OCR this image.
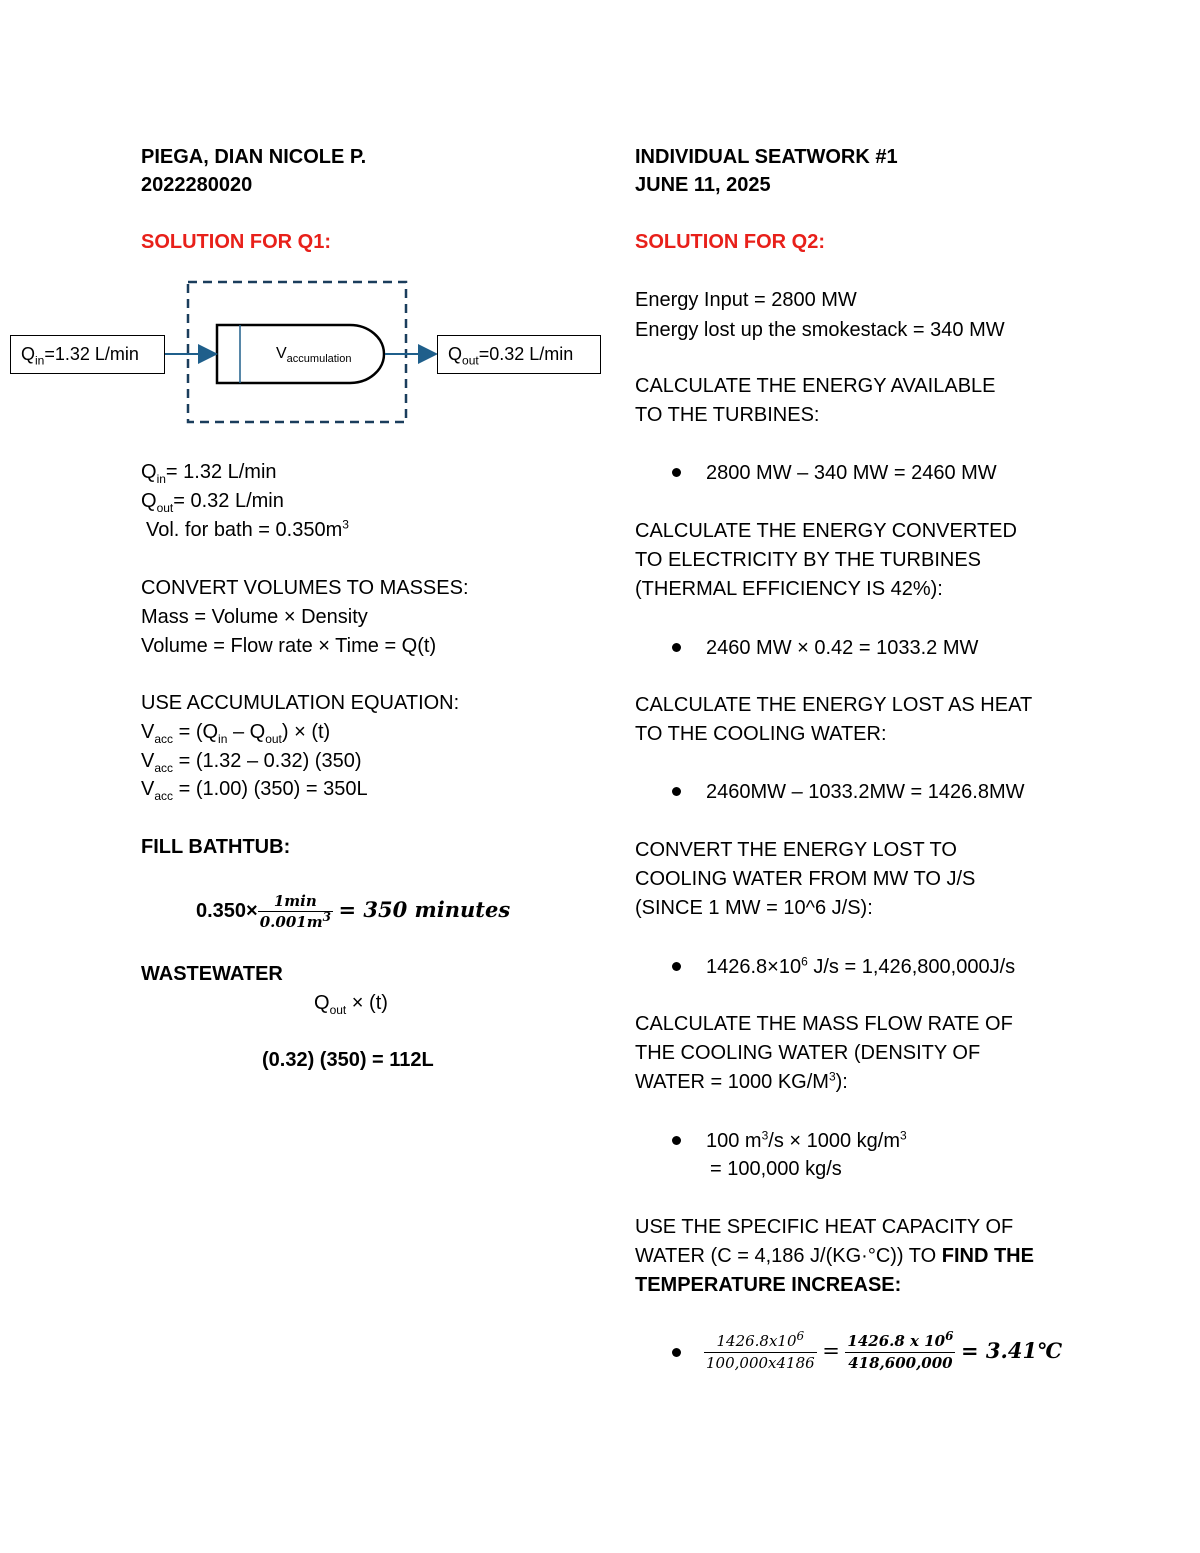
PIEGA, DIAN NICOLE P.
2022280020
INDIVIDUAL SEATWORK #1
JUNE 11, 2025
SOLUTION FOR Q1:
$Q_{in}=1.32$ L/min	$V_{accumulation}$	$Q_{out}=0.32$ L/min
$Q_{in}= 1.32$ L/min
$Q_{out}= 0.32$ L/min
Vol. for bath = $0.350m^3$
CONVERT VOLUMES TO MASSES:
Mass = Volume × Density
Volume = Flow rate × Time = Q(t)
USE ACCUMULATION EQUATION:
$V_{acc} = (Q_{in} - Q_{out}) \times (t)$
$V_{acc} = (1.32 - 0.32)$ (350)
$V_{acc} = (1.00) (350) = 350L$
FILL BATHTUB:
$0.350\times \frac{1\min}{0.001m^3} = 350$ minutes
WASTEWATER
$Q_{out} \times (t)$
(0.32) (350) = 112L
SOLUTION FOR Q2:
Energy Input = 2800 MW
Energy lost up the smokestack = 340 MW
CALCULATE THE ENERGY AVAILABLE
TO THE TURBINES:
2800 MW – 340 MW = 2460 MW
CALCULATE THE ENERGY CONVERTED
TO ELECTRICITY BY THE TURBINES
(THERMAL EFFICIENCY IS 42%):
2460 MW × 0.42 = 1033.2 MW
CALCULATE THE ENERGY LOST AS HEAT
TO THE COOLING WATER:
2460MW – 1033.2MW = 1426.8MW
CONVERT THE ENERGY LOST TO
COOLING WATER FROM MW TO J/S
(SINCE 1 MW = 10^6 J/S):
$1426.8\times 10^6$ J/s = 1,426,800,000J/s
CALCULATE THE MASS FLOW RATE OF
THE COOLING WATER (DENSITY OF
WATER = 1000 $KG/M^3$):
100 $m^3/s \times 1000$ $kg/m^3$
= 100,000 kg/s
USE THE SPECIFIC HEAT CAPACITY OF
WATER (C = 4,186 J/(KG·°C)) TO FIND THE
TEMPERATURE INCREASE:
$\frac{1426.8𝑥10^6}{\text{100,000𝑥4186}} = \frac{1426.8 𝒙 10^6}{418,600,000}$ = 3.41℃
